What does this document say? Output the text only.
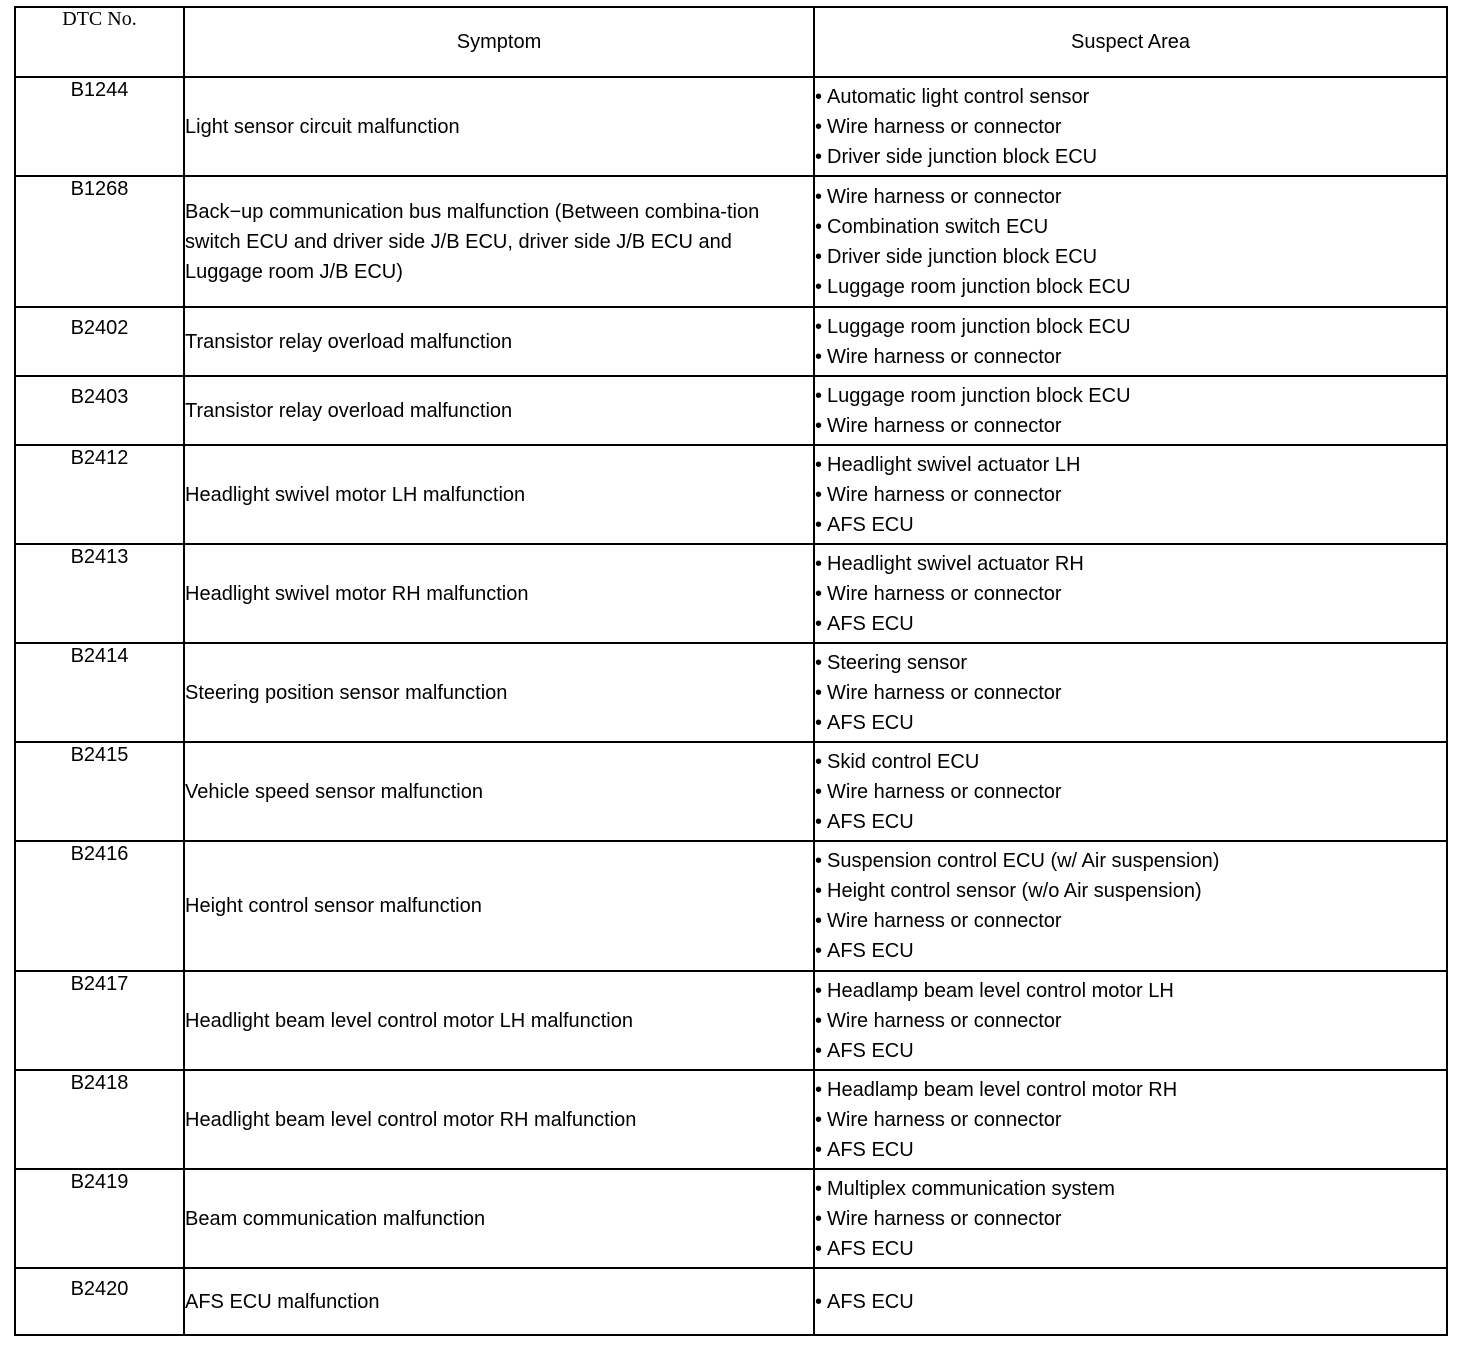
DTC No.	Symptom	Suspect Area
B1244	Light sensor circuit malfunction	• Automatic light control sensor
• Wire harness or connector
• Driver side junction block ECU

B1268	Back−up communication bus malfunction (Between combina-tion switch ECU and driver side J/B ECU, driver side J/B ECU and Luggage room J/B ECU)	• Wire harness or connector
• Combination switch ECU
• Driver side junction block ECU
• Luggage room junction block ECU

B2402	Transistor relay overload malfunction	• Luggage room junction block ECU
• Wire harness or connector

B2403	Transistor relay overload malfunction	• Luggage room junction block ECU
• Wire harness or connector

B2412	Headlight swivel motor LH malfunction	• Headlight swivel actuator LH
• Wire harness or connector
• AFS ECU

B2413	Headlight swivel motor RH malfunction	• Headlight swivel actuator RH
• Wire harness or connector
• AFS ECU

B2414	Steering position sensor malfunction	• Steering sensor
• Wire harness or connector
• AFS ECU

B2415	Vehicle speed sensor malfunction	• Skid control ECU
• Wire harness or connector
• AFS ECU

B2416	Height control sensor malfunction	• Suspension control ECU (w/ Air suspension)
• Height control sensor (w/o Air suspension)
• Wire harness or connector
• AFS ECU

B2417	Headlight beam level control motor LH malfunction	• Headlamp beam level control motor LH
• Wire harness or connector
• AFS ECU

B2418	Headlight beam level control motor RH malfunction	• Headlamp beam level control motor RH
• Wire harness or connector
• AFS ECU

B2419	Beam communication malfunction	• Multiplex communication system
• Wire harness or connector
• AFS ECU

B2420	AFS ECU malfunction	• AFS ECU
